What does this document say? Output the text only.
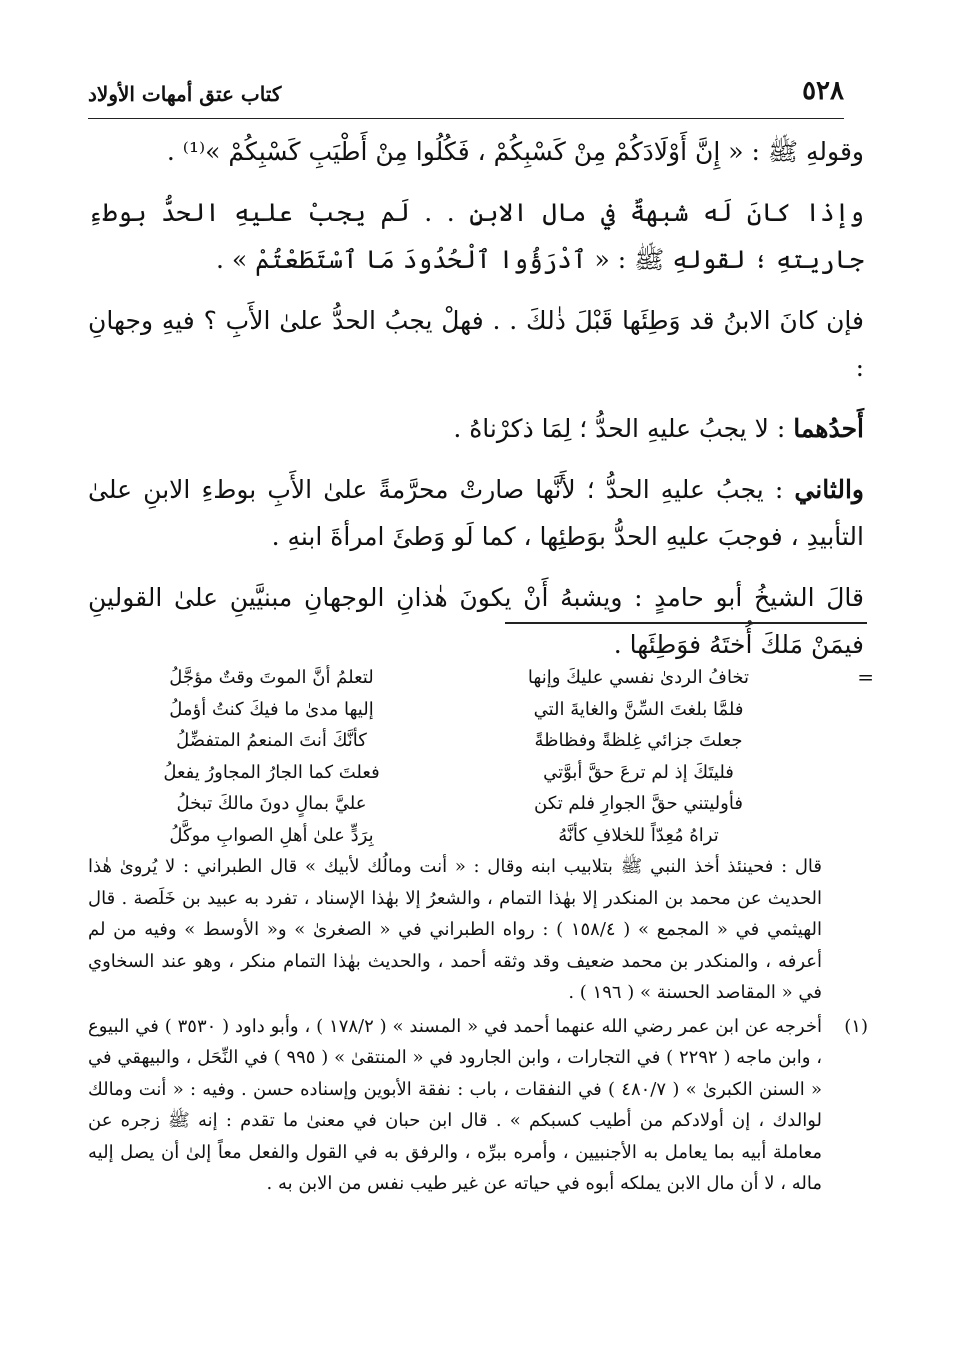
٥٢٨
كتاب عتق أمهات الأولاد

وقولهِ ﷺ : « إِنَّ أَوْلَادَكُمْ مِنْ كَسْبِكُمْ ، فَكُلُوا مِنْ أَطْيَبِ كَسْبِكُمْ »⁽¹⁾ .

وإذا كانَ لَه شبهةٌ في مال الابنِ . . لَم يجبْ عليهِ الحدُّ بوطءِ جاريتهِ ؛ لقولهِ ﷺ : « ٱدْرَؤُوا ٱلْحُدُودَ مَا ٱسْتَطَعْتُمْ » .

فإن كانَ الابنُ قد وَطِئَها قَبْلَ ذٰلكَ . . فهلْ يجبُ الحدُّ علىٰ الأَبِ ؟ فيهِ وجهانِ :

أَحدُهما : لا يجبُ عليهِ الحدُّ ؛ لِمَا ذكرْناهُ .

والثاني : يجبُ عليهِ الحدُّ ؛ لأَنَّها صارتْ محرَّمةً علىٰ الأَبِ بوطءِ الابنِ علىٰ التأبيدِ ، فوجبَ عليهِ الحدُّ بوَطئِها ، كما لَو وَطئَ امرأةَ ابنهِ .

قالَ الشيخُ أبو حامدٍ : ويشبهُ أَنْ يكونَ هٰذانِ الوجهانِ مبنيَّينِ علىٰ القولينِ فيمَنْ مَلكَ أُختَهُ فوَطِئَها .

=
تخافُ الردىٰ نفسي عليكَ وإنها
لتعلمُ أنَّ الموتَ وقتٌ مؤجَّلُ
فلمَّا بلغتَ السِّنَّ والغايةَ التي
إليها مدىٰ ما فيكَ كنتُ أؤملُ
جعلتَ جزائي غِلظةً وفظاظةً
كأنَّكَ أنتَ المنعمُ المتفضِّلُ
فليتَكَ إذ لم ترعَ حقَّ أبوَّتي
فعلتَ كما الجارُ المجاورُ يفعلُ
فأوليتني حقَّ الجوارِ فلم تكن
عليَّ بمالٍ دونَ مالكَ تبخلُ
تراهُ مُعِدّاً للخلافِ كأنَّهُ
بِرَدٍّ علىٰ أهلِ الصوابِ موكَّلُ
قال : فحينئذ أخذ النبي ﷺ بتلابيب ابنه وقال : « أنت ومالُك لأبيك » قال الطبراني : لا يُروىٰ هٰذا الحديث عن محمد بن المنكدر إلا بهٰذا التمام ، والشعرُ إلا بهٰذا الإسناد ، تفرد به عبيد بن خَلَصة . قال الهيثمي في « المجمع » ( ١٥٨/٤ ) : رواه الطبراني في « الصغرىٰ » و« الأوسط » وفيه من لم أعرفه ، والمنكدر بن محمد ضعيف وقد وثقه أحمد ، والحديث بهٰذا التمام منكر ، وهو عند السخاوي في « المقاصد الحسنة » ( ١٩٦ ) .
(١)
أخرجه عن ابن عمر رضي الله عنهما أحمد في « المسند » ( ١٧٨/٢ ) ، وأبو داود ( ٣٥٣٠ ) في البيوع ، وابن ماجه ( ٢٢٩٢ ) في التجارات ، وابن الجارود في « المنتقىٰ » ( ٩٩٥ ) في النِّحَل ، والبيهقي في « السنن الكبرىٰ » ( ٤٨٠/٧ ) في النفقات ، باب : نفقة الأبوين وإسناده حسن . وفيه : « أنت ومالك لوالدك ، إن أولادكم من أطيب كسبكم » . قال ابن حبان في معنىٰ ما تقدم : إنه ﷺ زجره عن معاملة أبيه بما يعامل به الأجنبيين ، وأمره ببرِّه ، والرفق به في القول والفعل معاً إلىٰ أن يصل إليه ماله ، لا أن مال الابن يملكه أبوه في حياته عن غير طيب نفس من الابن به .
